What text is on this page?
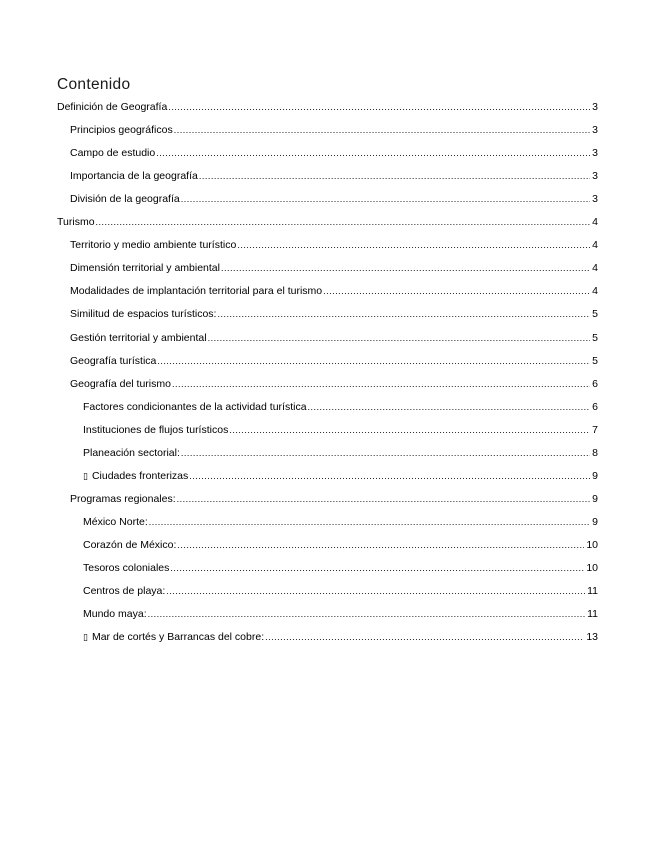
Contenido
Definición de Geografía .....	3
Principios geográficos .....	3
Campo de estudio .....	3
Importancia de la geografía .....	3
División de la geografía .....	3
Turismo .....	4
Territorio y medio ambiente turístico .....	4
Dimensión territorial y ambiental .....	4
Modalidades de implantación territorial para el turismo .....	4
Similitud de espacios turísticos: .....	5
Gestión territorial y ambiental .....	5
Geografía turística .....	5
Geografía del turismo .....	6
Factores condicionantes de la actividad turística .....	6
Instituciones de flujos turísticos .....	7
Planeación sectorial: .....	8
▯ Ciudades fronterizas .....	9
Programas regionales: .....	9
México Norte: .....	9
Corazón de México: .....	10
Tesoros coloniales .....	10
Centros de playa: .....	11
Mundo maya: .....	11
▯ Mar de cortés y Barrancas del cobre: .....	13
